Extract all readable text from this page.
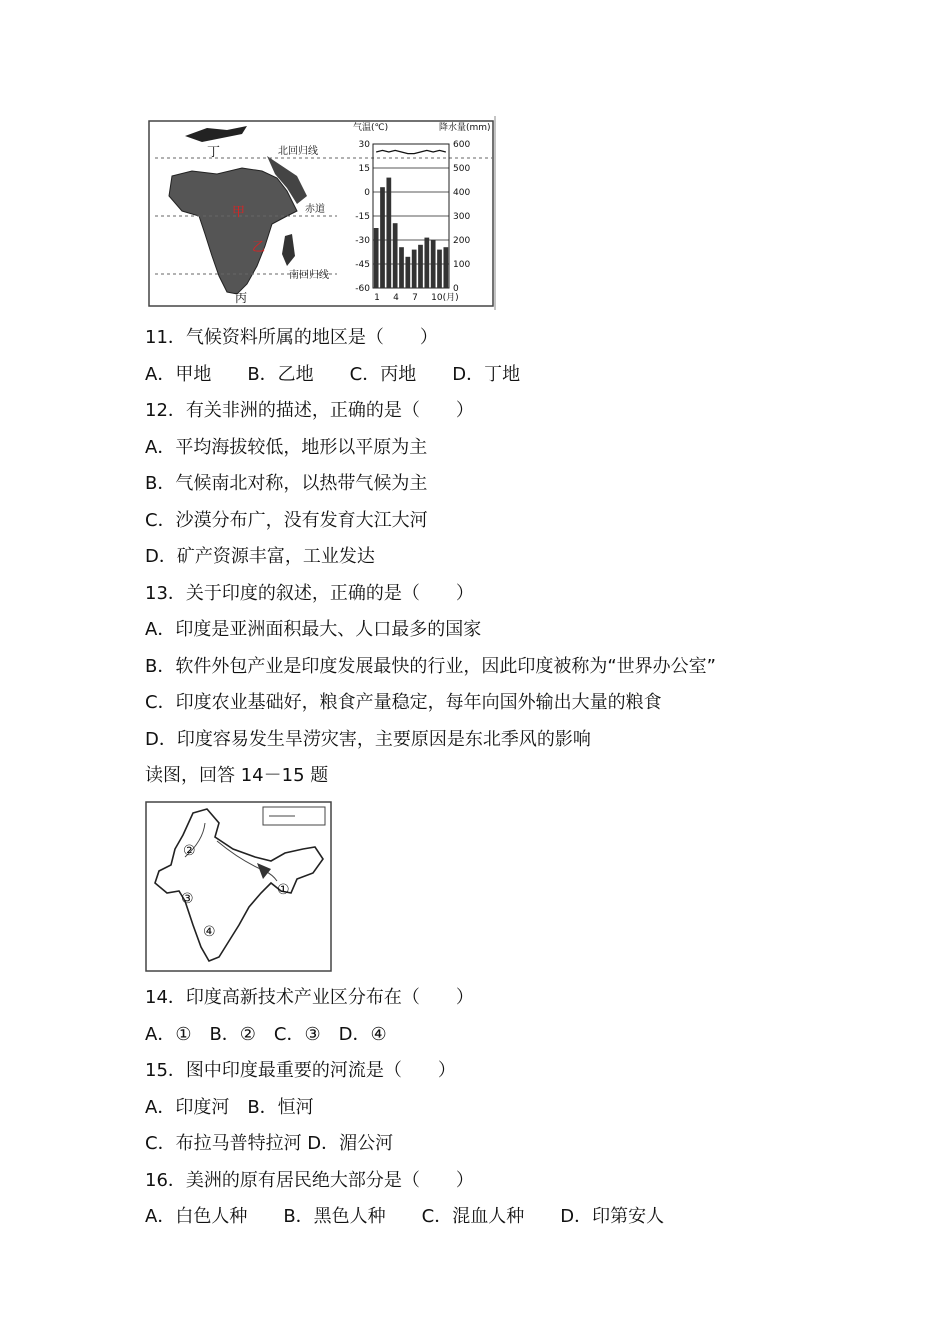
丁
甲
乙
丙
北回归线
赤道
南回归线
气温(℃)	降水量(mm)
30
15
0
-15
-30
-45
-60
600
500
400
300
200
100
0
1 4 7 10(月)
11．气候资料所属的地区是（　　）
A．甲地　　B．乙地　　C．丙地　　D．丁地
12．有关非洲的描述，正确的是（　　）
A．平均海拔较低，地形以平原为主
B．气候南北对称，以热带气候为主
C．沙漠分布广，没有发育大江大河
D．矿产资源丰富，工业发达
13．关于印度的叙述，正确的是（　　）
A．印度是亚洲面积最大、人口最多的国家
B．软件外包产业是印度发展最快的行业，因此印度被称为“世界办公室”
C．印度农业基础好，粮食产量稳定，每年向国外输出大量的粮食
D．印度容易发生旱涝灾害，主要原因是东北季风的影响
读图，回答 14－15 题
①
②
③
④
14．印度高新技术产业区分布在（　　）
A．①　B．②　C．③　D．④
15．图中印度最重要的河流是（　　）
A．印度河　B．恒河
C．布拉马普特拉河 D．湄公河
16．美洲的原有居民绝大部分是（　　）
A．白色人种　　B．黑色人种　　C．混血人种　　D．印第安人
